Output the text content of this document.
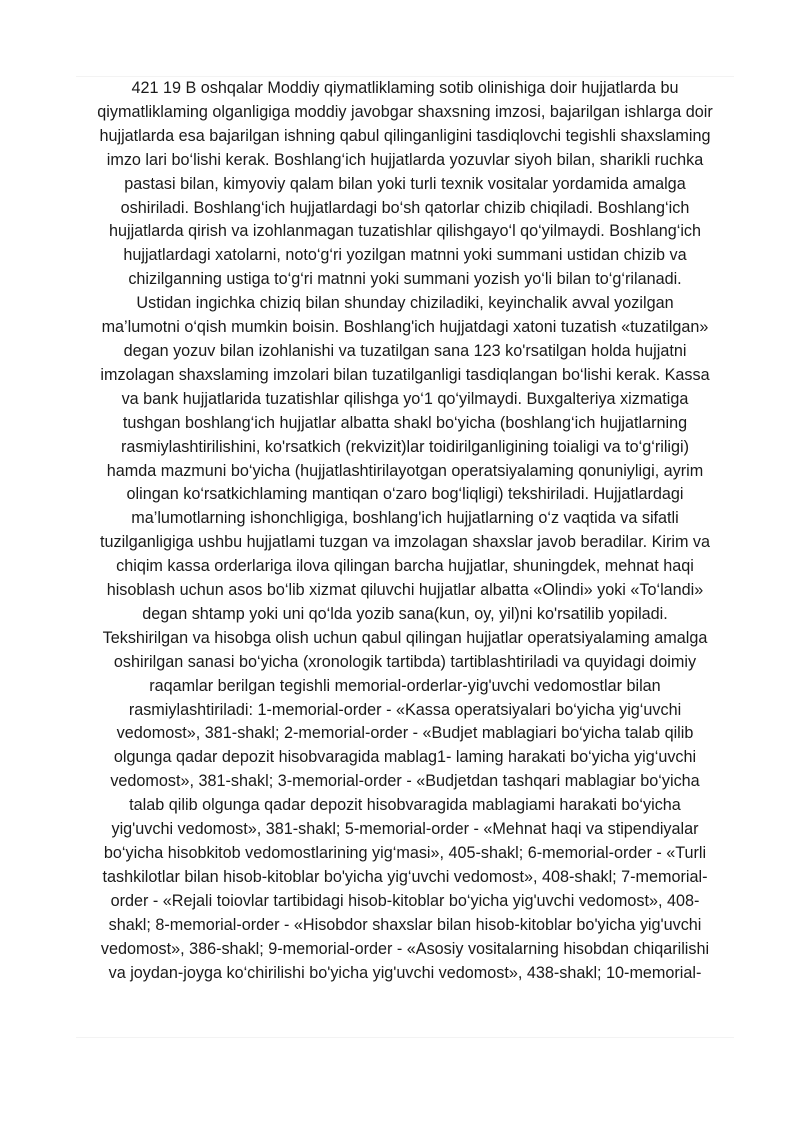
421 19 B oshqalar Moddiy qiymatliklaming sotib olinishiga doir hujjatlarda bu
qiymatliklaming olganligiga moddiy javobgar shaxsning imzosi, bajarilgan ishlarga doir
hujjatlarda esa bajarilgan ishning qabul qilinganligini tasdiqlovchi tegishli shaxslaming
imzo lari bo‘lishi kerak. Boshlang‘ich hujjatlarda yozuvlar siyoh bilan, sharikli ruchka
pastasi bilan, kimyoviy qalam bilan yoki turli texnik vositalar yordamida amalga
oshiriladi. Boshlang‘ich hujjatlardagi bo‘sh qatorlar chizib chiqiladi. Boshlang‘ich
hujjatlarda qirish va izohlanmagan tuzatishlar qilishgayo‘l qo‘yilmaydi. Boshlang‘ich
hujjatlardagi xatolarni, noto‘g‘ri yozilgan matnni yoki summani ustidan chizib va
chizilganning ustiga to‘g‘ri matnni yoki summani yozish yo‘li bilan to‘g‘rilanadi.
Ustidan ingichka chiziq bilan shunday chiziladiki, keyinchalik avval yozilgan
ma’lumotni o‘qish mumkin boisin. Boshlang'ich hujjatdagi xatoni tuzatish «tuzatilgan»
degan yozuv bilan izohlanishi va tuzatilgan sana 123 ko'rsatilgan holda hujjatni
imzolagan shaxslaming imzolari bilan tuzatilganligi tasdiqlangan bo‘lishi kerak. Kassa
va bank hujjatlarida tuzatishlar qilishga yo‘1 qo‘yilmaydi. Buxgalteriya xizmatiga
tushgan boshlang‘ich hujjatlar albatta shakl bo‘yicha (boshlang‘ich hujjatlarning
rasmiylashtirilishini, ko'rsatkich (rekvizit)lar toidirilganligining toialigi va to‘g‘riligi)
hamda mazmuni bo‘yicha (hujjatlashtirilayotgan operatsiyalaming qonuniyligi, ayrim
olingan ko‘rsatkichlaming mantiqan o‘zaro bog‘liqligi) tekshiriladi. Hujjatlardagi
ma’lumotlarning ishonchligiga, boshlang'ich hujjatlarning o‘z vaqtida va sifatli
tuzilganligiga ushbu hujjatlami tuzgan va imzolagan shaxslar javob beradilar. Kirim va
chiqim kassa orderlariga ilova qilingan barcha hujjatlar, shuningdek, mehnat haqi
hisoblash uchun asos bo‘lib xizmat qiluvchi hujjatlar albatta «Olindi» yoki «To‘landi»
degan shtamp yoki uni qo‘lda yozib sana(kun, oy, yil)ni ko'rsatilib yopiladi.
Tekshirilgan va hisobga olish uchun qabul qilingan hujjatlar operatsiyalaming amalga
oshirilgan sanasi bo‘yicha (xronologik tartibda) tartiblashtiriladi va quyidagi doimiy
raqamlar berilgan tegishli memorial-orderlar-yig'uvchi vedomostlar bilan
rasmiylashtiriladi: 1-memorial-order - «Kassa operatsiyalari bo‘yicha yig‘uvchi
vedomost», 381-shakl; 2-memorial-order - «Budjet mablagiari bo‘yicha talab qilib
olgunga qadar depozit hisobvaragida mablag1- laming harakati bo‘yicha yig‘uvchi
vedomost», 381-shakl; 3-memorial-order - «Budjetdan tashqari mablagiar bo‘yicha
talab qilib olgunga qadar depozit hisobvaragida mablagiami harakati bo‘yicha
yig'uvchi vedomost», 381-shakl; 5-memorial-order - «Mehnat haqi va stipendiyalar
bo‘yicha hisobkitob vedomostlarining yig‘masi», 405-shakl; 6-memorial-order - «Turli
tashkilotlar bilan hisob-kitoblar bo'yicha yig‘uvchi vedomost», 408-shakl; 7-memorial-
order - «Rejali toiovlar tartibidagi hisob-kitoblar bo‘yicha yig'uvchi vedomost», 408-
shakl; 8-memorial-order - «Hisobdor shaxslar bilan hisob-kitoblar bo'yicha yig'uvchi
vedomost», 386-shakl; 9-memorial-order - «Asosiy vositalarning hisobdan chiqarilishi
va joydan-joyga ko‘chirilishi bo'yicha yig'uvchi vedomost», 438-shakl; 10-memorial-
